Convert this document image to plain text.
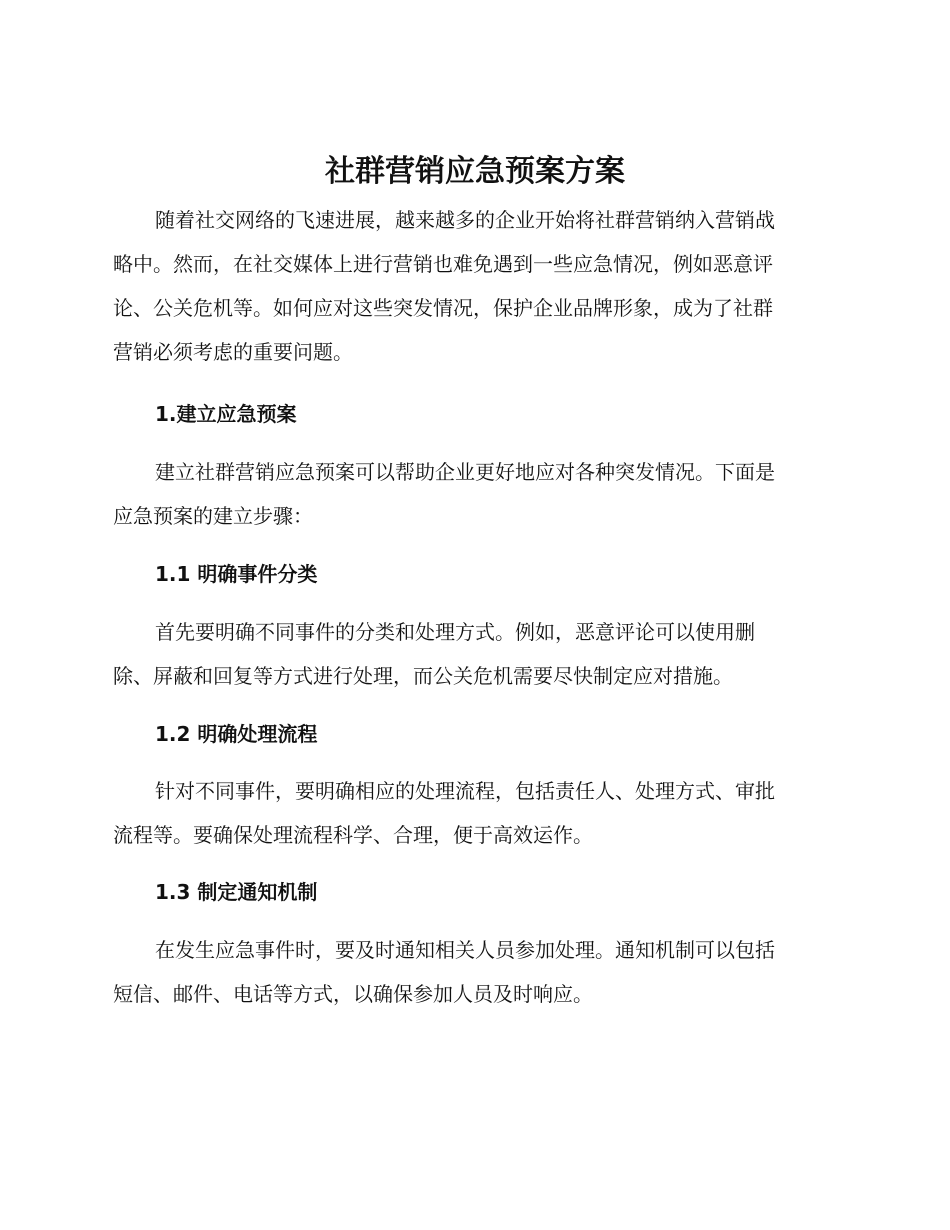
社群营销应急预案方案

随着社交网络的飞速进展，越来越多的企业开始将社群营销纳入营销战
略中。然而，在社交媒体上进行营销也难免遇到一些应急情况，例如恶意评
论、公关危机等。如何应对这些突发情况，保护企业品牌形象，成为了社群
营销必须考虑的重要问题。

1.建立应急预案

建立社群营销应急预案可以帮助企业更好地应对各种突发情况。下面是
应急预案的建立步骤：

1.1 明确事件分类

首先要明确不同事件的分类和处理方式。例如，恶意评论可以使用删
除、屏蔽和回复等方式进行处理，而公关危机需要尽快制定应对措施。

1.2 明确处理流程

针对不同事件，要明确相应的处理流程，包括责任人、处理方式、审批
流程等。要确保处理流程科学、合理，便于高效运作。

1.3 制定通知机制

在发生应急事件时，要及时通知相关人员参加处理。通知机制可以包括
短信、邮件、电话等方式，以确保参加人员及时响应。
